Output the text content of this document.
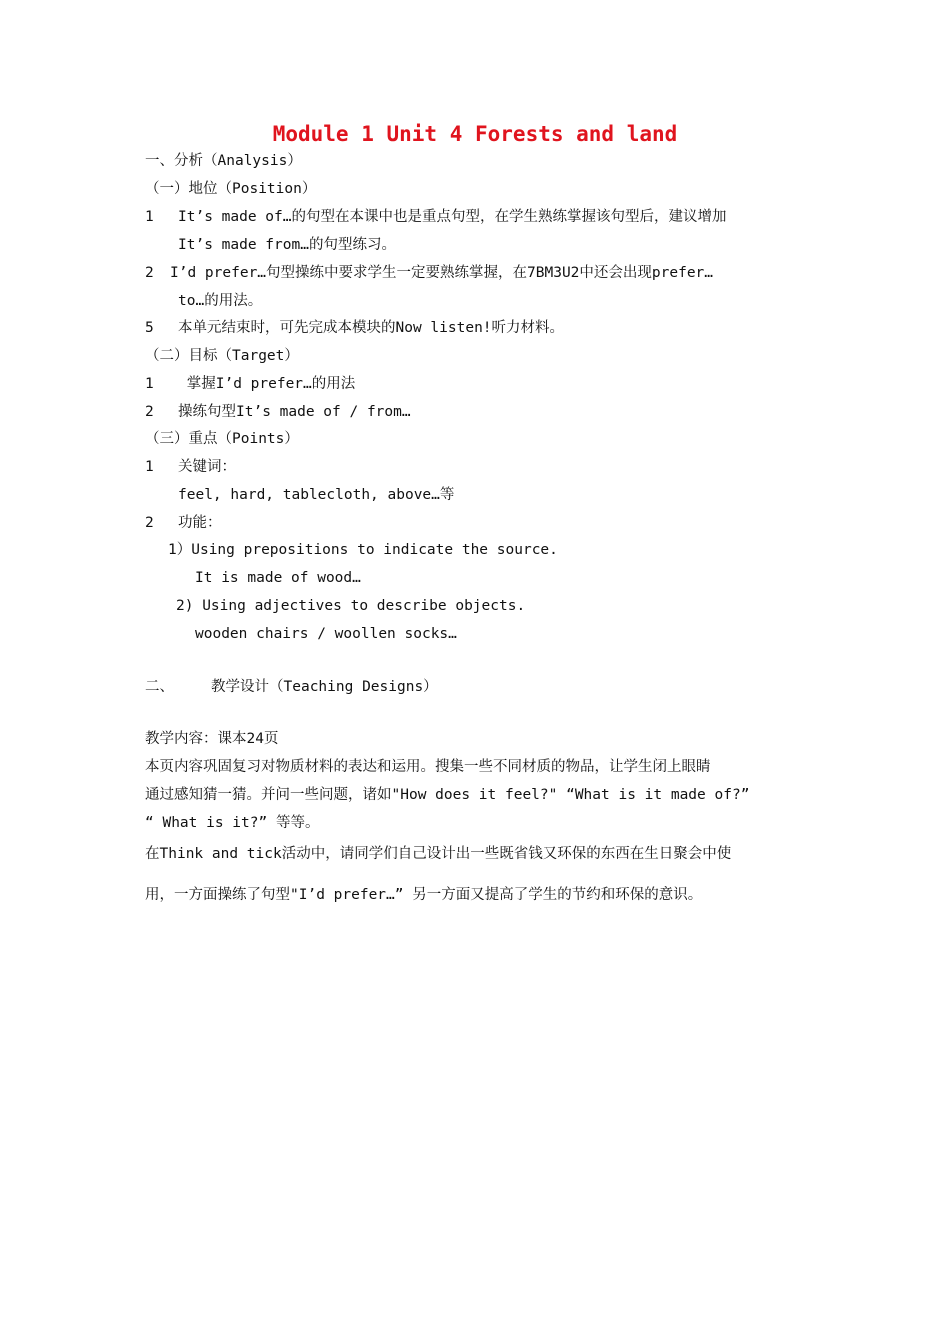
Module 1 Unit 4 Forests and land
一、分析（Analysis）
（一）地位（Position）
1 It’s made of…的句型在本课中也是重点句型，在学生熟练掌握该句型后，建议增加
It’s made from…的句型练习。
2 I’d prefer…句型操练中要求学生一定要熟练掌握，在7BM3U2中还会出现prefer…
to…的用法。
5 本单元结束时，可先完成本模块的Now listen!听力材料。
（二）目标（Target）
1 掌握I’d prefer…的用法
2 操练句型It’s made of / from…
（三）重点（Points）
1 关键词：
feel, hard, tablecloth, above…等
2 功能：
1）Using prepositions to indicate the source.
It is made of wood…
2) Using adjectives to describe objects.
wooden chairs / woollen socks…
二、	教学设计（Teaching Designs）
教学内容：课本24页
本页内容巩固复习对物质材料的表达和运用。搜集一些不同材质的物品，让学生闭上眼睛
通过感知猜一猜。并问一些问题，诸如"How does it feel?" “What is it made of?”
“ What is it?” 等等。
在Think and tick活动中，请同学们自己设计出一些既省钱又环保的东西在生日聚会中使
用，一方面操练了句型"I’d prefer…” 另一方面又提高了学生的节约和环保的意识。
